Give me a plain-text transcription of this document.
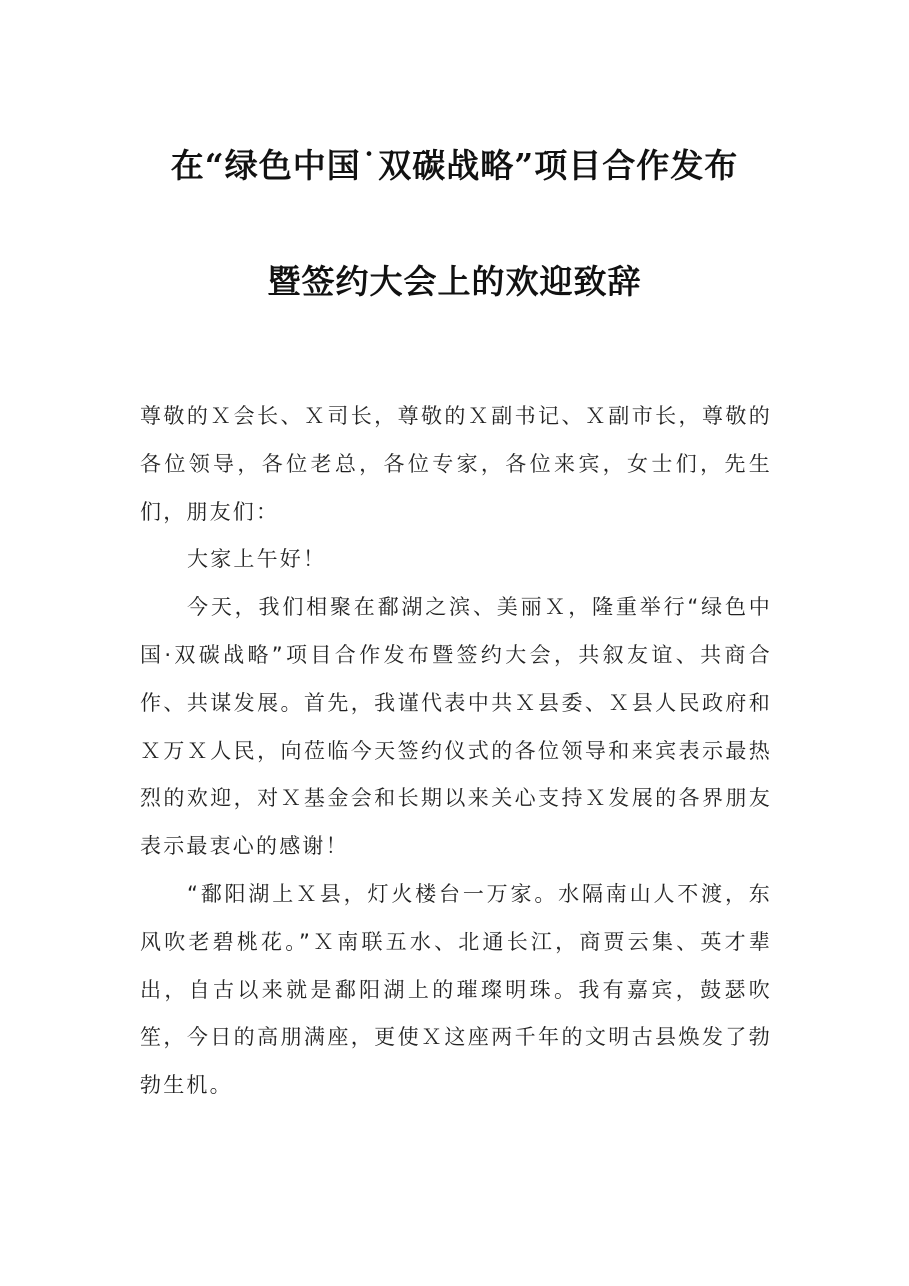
在“绿色中国˙双碳战略”项目合作发布
暨签约大会上的欢迎致辞

尊敬的Ｘ会长、Ｘ司长，尊敬的Ｘ副书记、Ｘ副市长，尊敬的各位领导，各位老总，各位专家，各位来宾，女士们，先生们，朋友们：

大家上午好！

今天，我们相聚在鄱湖之滨、美丽Ｘ，隆重举行“绿色中国·双碳战略”项目合作发布暨签约大会，共叙友谊、共商合作、共谋发展。首先，我谨代表中共Ｘ县委、Ｘ县人民政府和Ｘ万Ｘ人民，向莅临今天签约仪式的各位领导和来宾表示最热烈的欢迎，对Ｘ基金会和长期以来关心支持Ｘ发展的各界朋友表示最衷心的感谢！

“鄱阳湖上Ｘ县，灯火楼台一万家。水隔南山人不渡，东风吹老碧桃花。”Ｘ南联五水、北通长江，商贾云集、英才辈出，自古以来就是鄱阳湖上的璀璨明珠。我有嘉宾，鼓瑟吹笙，今日的高朋满座，更使Ｘ这座两千年的文明古县焕发了勃勃生机。
